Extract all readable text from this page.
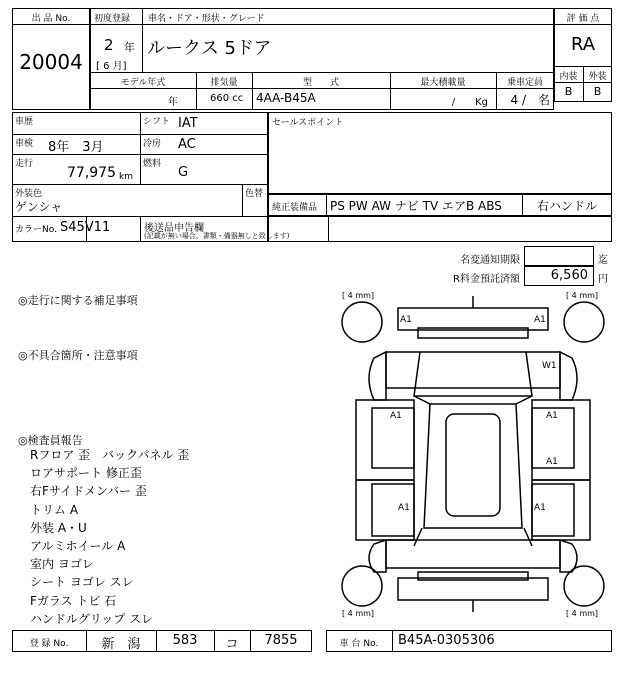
出 品 No.
20004
初度登録 車名・ドア・形状・グレード
2 年
[ 6 月]
ルークス 5ドア
モデル年式	排気量	型　　式	最大積載量	乗車定員
年	660 cc 4AA-B45A	/　　Kg	4 /　名
評 価 点
RA
内装	外装
B	B
車歴	シフト IAT
車検 8年　3月	冷房 AC
走行
77,975 km
燃料
G
外装色
ゲンシャ
色替
カラーNo. S45V11	後送品申告欄
(記載が無い場合、書類・備器無しと致します)
セールスポイント
純正装備品 PS PW AW ナビ TV エアB ABS	右ハンドル
名変通知期限	迄
R料金預託済額	6,560 円
◎走行に関する補足事項
◎不具合箇所・注意事項
◎検査員報告
Rフロア 歪　バックパネル 歪
ロアサポート 修正歪
右Fサイドメンバー 歪
トリム A
外装 A・U
アルミホイール A
室内 ヨゴレ
シート ヨゴレ スレ
Fガラス トビ 石
ハンドルグリップ スレ
[ 4 mm]	[ 4 mm]
[ 4 mm]	[ 4 mm]
A1	A1
W1
A1	A1
A1
A1	A1
登 録 No.	新　潟	583	コ	7855	車 台 No.	B45A-0305306
